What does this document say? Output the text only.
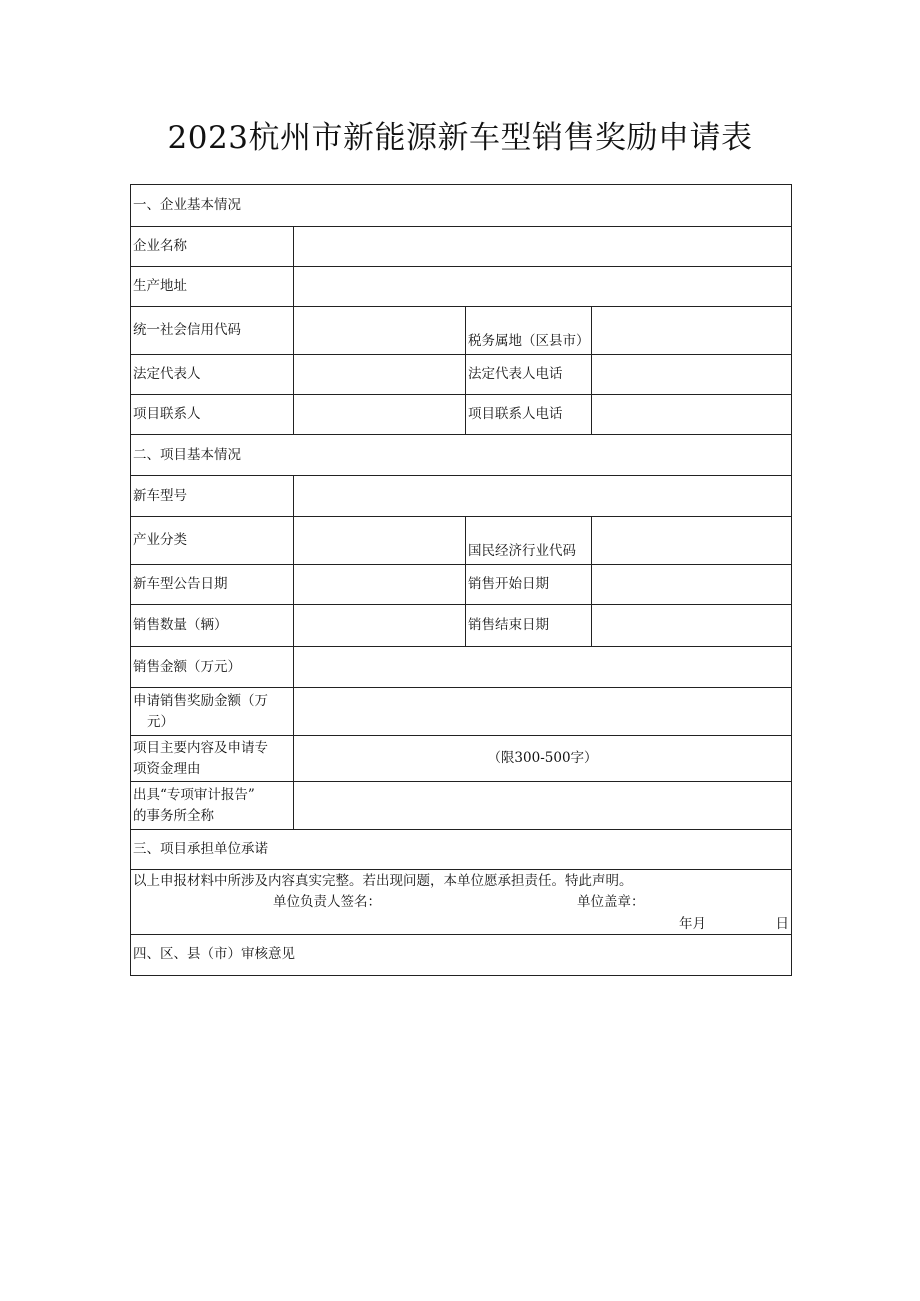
2023杭州市新能源新车型销售奖励申请表
一、企业基本情况			
企业名称			
生产地址			
统一社会信用代码		税务属地（区县市）	
法定代表人		法定代表人电话	
项目联系人		项目联系人电话	
二、项目基本情况			
新车型号			
产业分类		国民经济行业代码	
新车型公告日期		销售开始日期	
销售数量（辆）		销售结束日期	
销售金额（万元）			

申请销售奖励金额（万
元）			

项目主要内容及申请专
项资金理由	（限300-500字）		

出具“专项审计报告”
的事务所全称			

三、项目承担单位承诺			

以上申报材料中所涉及内容真实完整。若出现问题，本单位愿承担责任。特此声明。
单位负责人签名： 单位盖章：
年月 日			

四、区、县（市）审核意见			
